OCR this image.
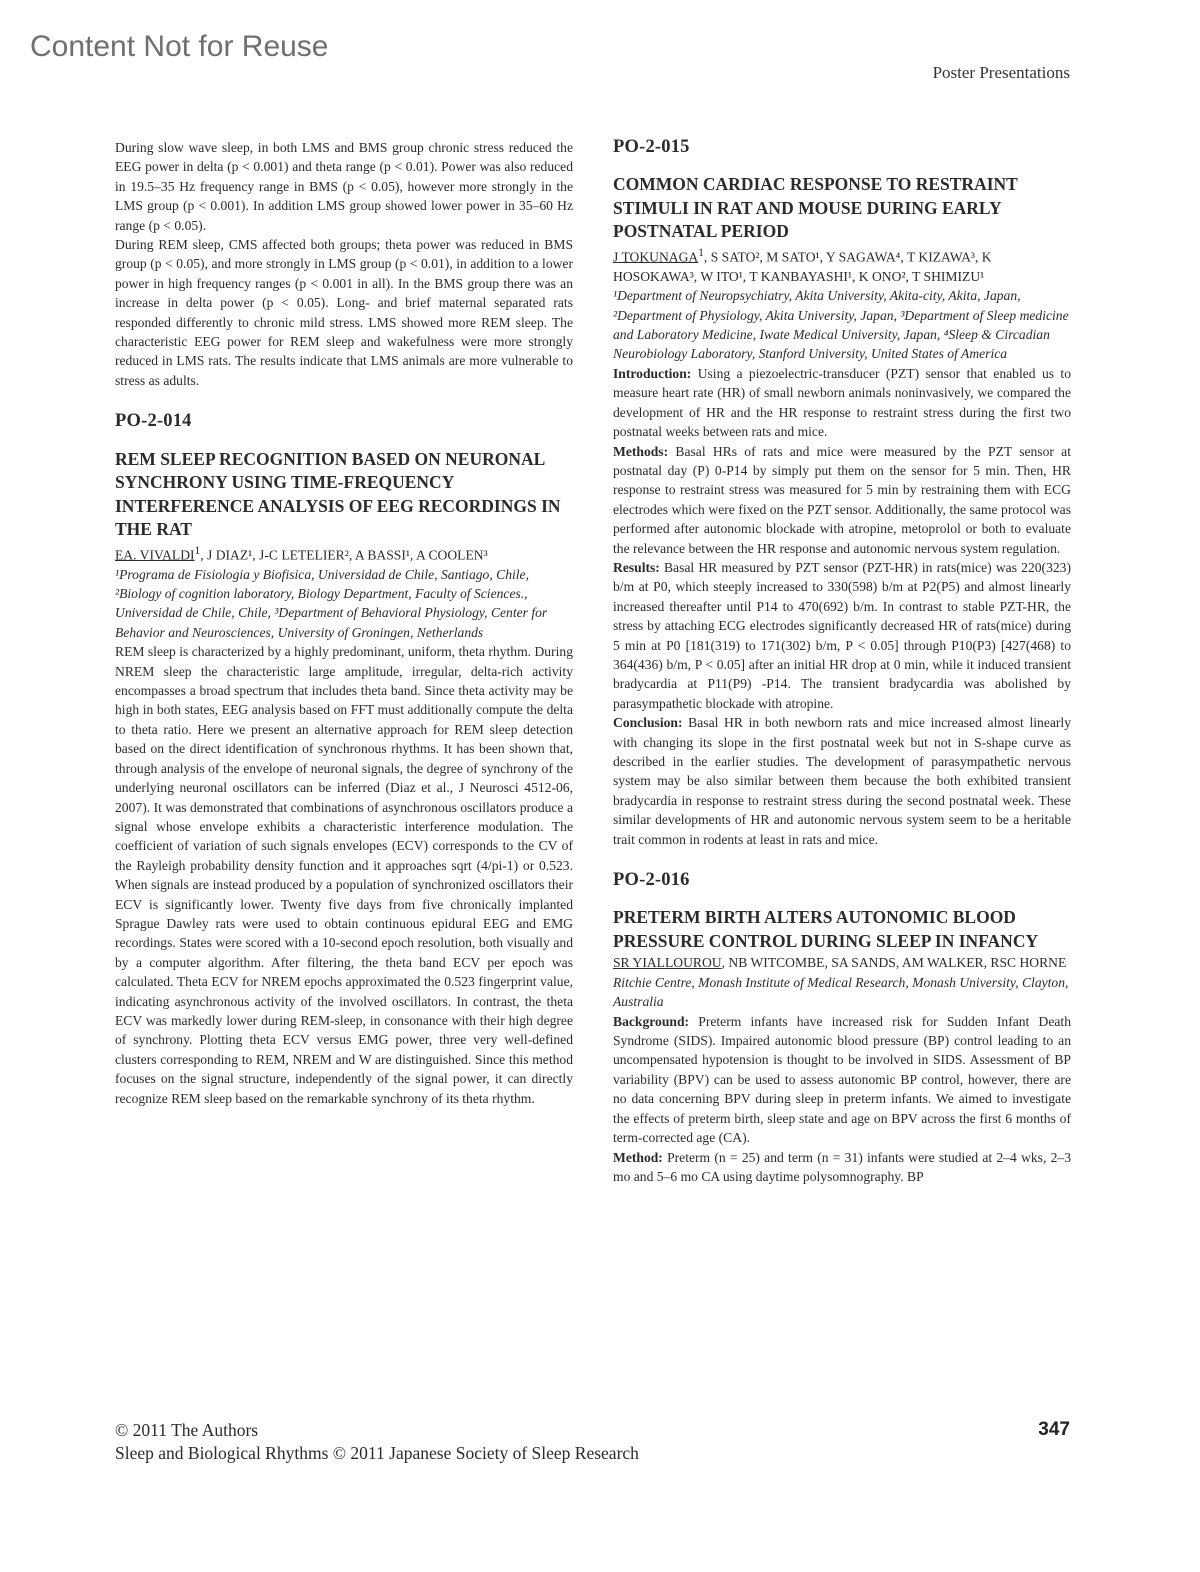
Content Not for Reuse
Poster Presentations

During slow wave sleep, in both LMS and BMS group chronic stress reduced the EEG power in delta (p < 0.001) and theta range (p < 0.01). Power was also reduced in 19.5–35 Hz frequency range in BMS (p < 0.05), however more strongly in the LMS group (p < 0.001). In addition LMS group showed lower power in 35–60 Hz range (p < 0.05).

During REM sleep, CMS affected both groups; theta power was reduced in BMS group (p < 0.05), and more strongly in LMS group (p < 0.01), in addition to a lower power in high frequency ranges (p < 0.001 in all). In the BMS group there was an increase in delta power (p < 0.05). Long- and brief maternal separated rats responded differently to chronic mild stress. LMS showed more REM sleep. The characteristic EEG power for REM sleep and wakefulness were more strongly reduced in LMS rats. The results indicate that LMS animals are more vulnerable to stress as adults.

PO-2-014
REM SLEEP RECOGNITION BASED ON NEURONAL SYNCHRONY USING TIME-FREQUENCY INTERFERENCE ANALYSIS OF EEG RECORDINGS IN THE RAT

EA. VIVALDI$^1$, J DIAZ¹, J-C LETELIER², A BASSI¹, A COOLEN³

¹Programa de Fisiologia y Biofisica, Universidad de Chile, Santiago, Chile, ²Biology of cognition laboratory, Biology Department, Faculty of Sciences., Universidad de Chile, Chile, ³Department of Behavioral Physiology, Center for Behavior and Neurosciences, University of Groningen, Netherlands

REM sleep is characterized by a highly predominant, uniform, theta rhythm. During NREM sleep the characteristic large amplitude, irregular, delta-rich activity encompasses a broad spectrum that includes theta band. Since theta activity may be high in both states, EEG analysis based on FFT must additionally compute the delta to theta ratio. Here we present an alternative approach for REM sleep detection based on the direct identification of synchronous rhythms. It has been shown that, through analysis of the envelope of neuronal signals, the degree of synchrony of the underlying neuronal oscillators can be inferred (Diaz et al., J Neurosci 4512-06, 2007). It was demonstrated that combinations of asynchronous oscillators produce a signal whose envelope exhibits a characteristic interference modulation. The coefficient of variation of such signals envelopes (ECV) corresponds to the CV of the Rayleigh probability density function and it approaches sqrt (4/pi-1) or 0.523. When signals are instead produced by a population of synchronized oscillators their ECV is significantly lower. Twenty five days from five chronically implanted Sprague Dawley rats were used to obtain continuous epidural EEG and EMG recordings. States were scored with a 10-second epoch resolution, both visually and by a computer algorithm. After filtering, the theta band ECV per epoch was calculated. Theta ECV for NREM epochs approximated the 0.523 fingerprint value, indicating asynchronous activity of the involved oscillators. In contrast, the theta ECV was markedly lower during REM-sleep, in consonance with their high degree of synchrony. Plotting theta ECV versus EMG power, three very well-defined clusters corresponding to REM, NREM and W are distinguished. Since this method focuses on the signal structure, independently of the signal power, it can directly recognize REM sleep based on the remarkable synchrony of its theta rhythm.

PO-2-015
COMMON CARDIAC RESPONSE TO RESTRAINT STIMULI IN RAT AND MOUSE DURING EARLY POSTNATAL PERIOD

J TOKUNAGA$^1$, S SATO², M SATO¹, Y SAGAWA⁴, T KIZAWA³, K HOSOKAWA³, W ITO¹, T KANBAYASHI¹, K ONO², T SHIMIZU¹

¹Department of Neuropsychiatry, Akita University, Akita-city, Akita, Japan, ²Department of Physiology, Akita University, Japan, ³Department of Sleep medicine and Laboratory Medicine, Iwate Medical University, Japan, ⁴Sleep & Circadian Neurobiology Laboratory, Stanford University, United States of America

Introduction: Using a piezoelectric-transducer (PZT) sensor that enabled us to measure heart rate (HR) of small newborn animals noninvasively, we compared the development of HR and the HR response to restraint stress during the first two postnatal weeks between rats and mice.

Methods: Basal HRs of rats and mice were measured by the PZT sensor at postnatal day (P) 0-P14 by simply put them on the sensor for 5 min. Then, HR response to restraint stress was measured for 5 min by restraining them with ECG electrodes which were fixed on the PZT sensor. Additionally, the same protocol was performed after autonomic blockade with atropine, metoprolol or both to evaluate the relevance between the HR response and autonomic nervous system regulation.

Results: Basal HR measured by PZT sensor (PZT-HR) in rats(mice) was 220(323) b/m at P0, which steeply increased to 330(598) b/m at P2(P5) and almost linearly increased thereafter until P14 to 470(692) b/m. In contrast to stable PZT-HR, the stress by attaching ECG electrodes significantly decreased HR of rats(mice) during 5 min at P0 [181(319) to 171(302) b/m, P < 0.05] through P10(P3) [427(468) to 364(436) b/m, P < 0.05] after an initial HR drop at 0 min, while it induced transient bradycardia at P11(P9) -P14. The transient bradycardia was abolished by parasympathetic blockade with atropine.

Conclusion: Basal HR in both newborn rats and mice increased almost linearly with changing its slope in the first postnatal week but not in S-shape curve as described in the earlier studies. The development of parasympathetic nervous system may be also similar between them because the both exhibited transient bradycardia in response to restraint stress during the second postnatal week. These similar developments of HR and autonomic nervous system seem to be a heritable trait common in rodents at least in rats and mice.

PO-2-016
PRETERM BIRTH ALTERS AUTONOMIC BLOOD PRESSURE CONTROL DURING SLEEP IN INFANCY

SR YIALLOUROU, NB WITCOMBE, SA SANDS, AM WALKER, RSC HORNE

Ritchie Centre, Monash Institute of Medical Research, Monash University, Clayton, Australia

Background: Preterm infants have increased risk for Sudden Infant Death Syndrome (SIDS). Impaired autonomic blood pressure (BP) control leading to an uncompensated hypotension is thought to be involved in SIDS. Assessment of BP variability (BPV) can be used to assess autonomic BP control, however, there are no data concerning BPV during sleep in preterm infants. We aimed to investigate the effects of preterm birth, sleep state and age on BPV across the first 6 months of term-corrected age (CA).

Method: Preterm (n = 25) and term (n = 31) infants were studied at 2–4 wks, 2–3 mo and 5–6 mo CA using daytime polysomnography. BP

© 2011 The Authors
Sleep and Biological Rhythms © 2011 Japanese Society of Sleep Research
347
